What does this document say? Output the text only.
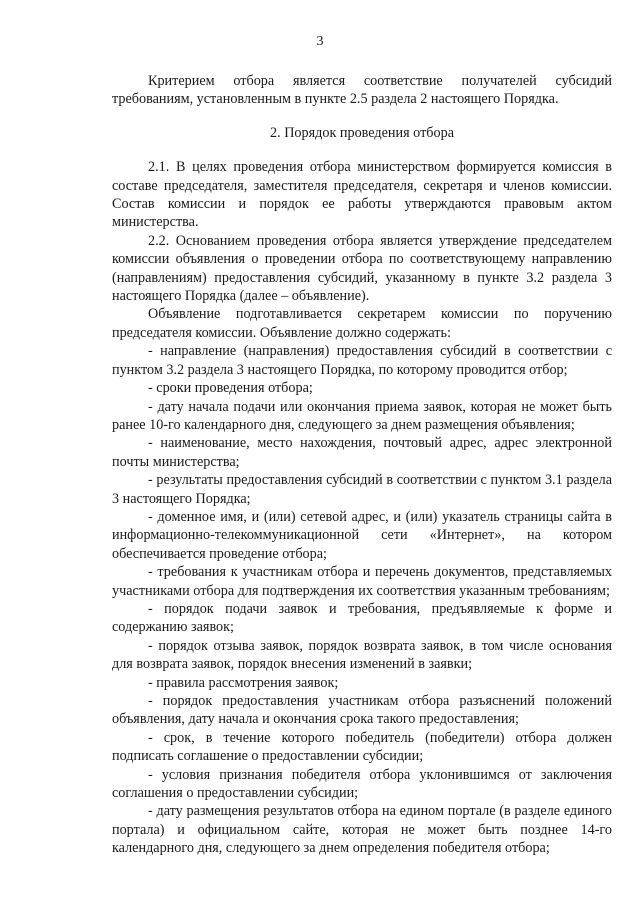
3

Критерием отбора является соответствие получателей субсидий требованиям, установленным в пункте 2.5 раздела 2 настоящего Порядка.

2. Порядок проведения отбора

2.1. В целях проведения отбора министерством формируется комиссия в составе председателя, заместителя председателя, секретаря и членов комиссии. Состав комиссии и порядок ее работы утверждаются правовым актом министерства.

2.2. Основанием проведения отбора является утверждение председателем комиссии объявления о проведении отбора по соответствующему направлению (направлениям) предоставления субсидий, указанному в пункте 3.2 раздела 3 настоящего Порядка (далее – объявление).

Объявление подготавливается секретарем комиссии по поручению председателя комиссии. Объявление должно содержать:

- направление (направления) предоставления субсидий в соответствии с пунктом 3.2 раздела 3 настоящего Порядка, по которому проводится отбор;

- сроки проведения отбора;

- дату начала подачи или окончания приема заявок, которая не может быть ранее 10-го календарного дня, следующего за днем размещения объявления;

- наименование, место нахождения, почтовый адрес, адрес электронной почты министерства;

- результаты предоставления субсидий в соответствии с пунктом 3.1 раздела 3 настоящего Порядка;

- доменное имя, и (или) сетевой адрес, и (или) указатель страницы сайта в информационно-телекоммуникационной сети «Интернет», на котором обеспечивается проведение отбора;

- требования к участникам отбора и перечень документов, представляемых участниками отбора для подтверждения их соответствия указанным требованиям;

- порядок подачи заявок и требования, предъявляемые к форме и содержанию заявок;

- порядок отзыва заявок, порядок возврата заявок, в том числе основания для возврата заявок, порядок внесения изменений в заявки;

- правила рассмотрения заявок;

- порядок предоставления участникам отбора разъяснений положений объявления, дату начала и окончания срока такого предоставления;

- срок, в течение которого победитель (победители) отбора должен подписать соглашение о предоставлении субсидии;

- условия признания победителя отбора уклонившимся от заключения соглашения о предоставлении субсидии;

- дату размещения результатов отбора на едином портале (в разделе единого портала) и официальном сайте, которая не может быть позднее 14-го календарного дня, следующего за днем определения победителя отбора;
